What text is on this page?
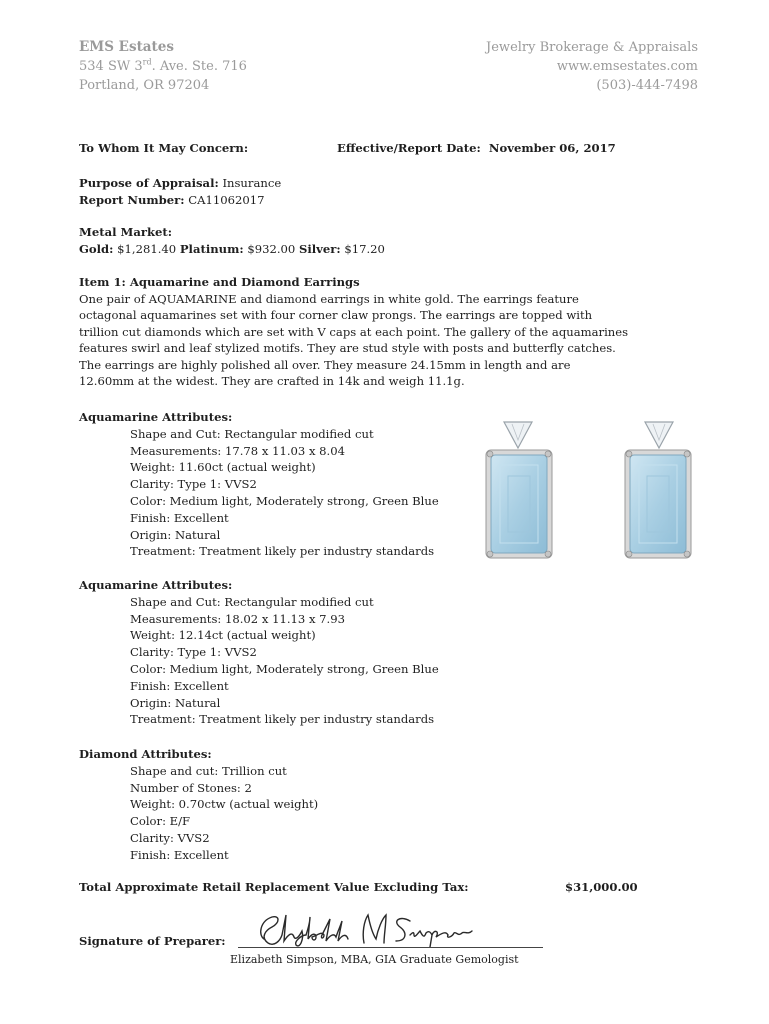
EMS Estates
534 SW 3rd. Ave. Ste. 716
Portland, OR 97204
Jewelry Brokerage & Appraisals
www.emsestates.com
(503)-444-7498
To Whom It May Concern:	Effective/Report Date: November 06, 2017
Purpose of Appraisal: Insurance
Report Number: CA11062017
Metal Market:
Gold: $1,281.40 Platinum: $932.00 Silver: $17.20
Item 1: Aquamarine and Diamond Earrings
One pair of AQUAMARINE and diamond earrings in white gold. The earrings feature
octagonal aquamarines set with four corner claw prongs. The earrings are topped with
trillion cut diamonds which are set with V caps at each point. The gallery of the aquamarines
features swirl and leaf stylized motifs. They are stud style with posts and butterfly catches.
The earrings are highly polished all over. They measure 24.15mm in length and are
12.60mm at the widest. They are crafted in 14k and weigh 11.1g.
Aquamarine Attributes:
Shape and Cut: Rectangular modified cut
Measurements: 17.78 x 11.03 x 8.04
Weight: 11.60ct (actual weight)
Clarity: Type 1: VVS2
Color: Medium light, Moderately strong, Green Blue
Finish: Excellent
Origin: Natural
Treatment: Treatment likely per industry standards
Aquamarine Attributes:
Shape and Cut: Rectangular modified cut
Measurements: 18.02 x 11.13 x 7.93
Weight: 12.14ct (actual weight)
Clarity: Type 1: VVS2
Color: Medium light, Moderately strong, Green Blue
Finish: Excellent
Origin: Natural
Treatment: Treatment likely per industry standards
Diamond Attributes:
Shape and cut: Trillion cut
Number of Stones: 2
Weight: 0.70ctw (actual weight)
Color: E/F
Clarity: VVS2
Finish: Excellent
Total Approximate Retail Replacement Value Excluding Tax:	$31,000.00
Signature of Preparer:
Elizabeth Simpson, MBA, GIA Graduate Gemologist
